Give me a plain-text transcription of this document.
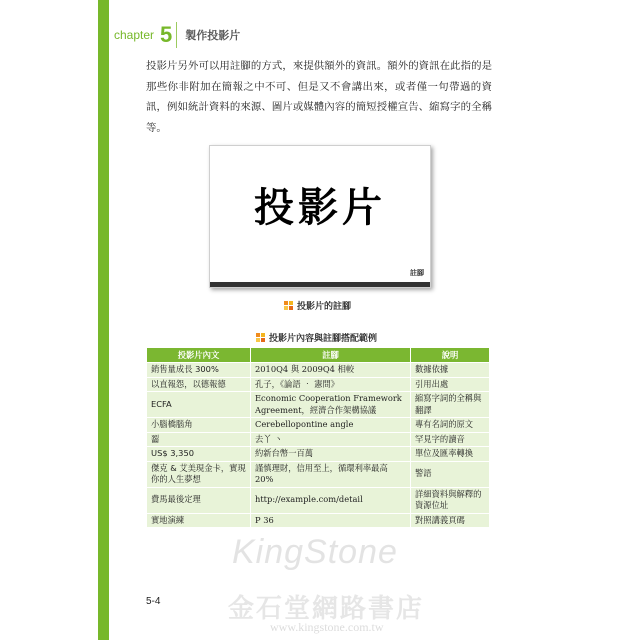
chapter 5	製作投影片
投影片另外可以用註腳的方式，來提供額外的資訊。額外的資訊在此指的是那些你非附加在簡報之中不可、但是又不會講出來，或者僅一句帶過的資訊，例如統計資料的來源、圖片或媒體內容的簡短授權宣告、縮寫字的全稱等。
投影片
註腳
投影片的註腳
投影片內容與註腳搭配範例
投影片內文	註腳	說明
銷售量成長 300%	2010Q4 與 2009Q4 相較	數據依據
以直報怨，以德報德	孔子，《論語 ‧ 憲問》	引用出處
ECFA	Economic Cooperation Framework Agreement，經濟合作架構協議	縮寫字詞的全稱與翻譯
小腦橋腦角	Cerebellopontine angle	專有名詞的原文
䶛	去丫 丶	罕見字的讀音
US$ 3,350	約新台幣一百萬	單位及匯率轉換
傑克 & 艾美現金卡，實現你的人生夢想	謹慎理財，信用至上，循環利率最高 20%	警語
費馬最後定理	http://example.com/detail	詳細資料與解釋的資源位址
實地演練	P 36	對照講義頁碼
KingStone
金石堂網路書店
www.kingstone.com.tw
5-4
